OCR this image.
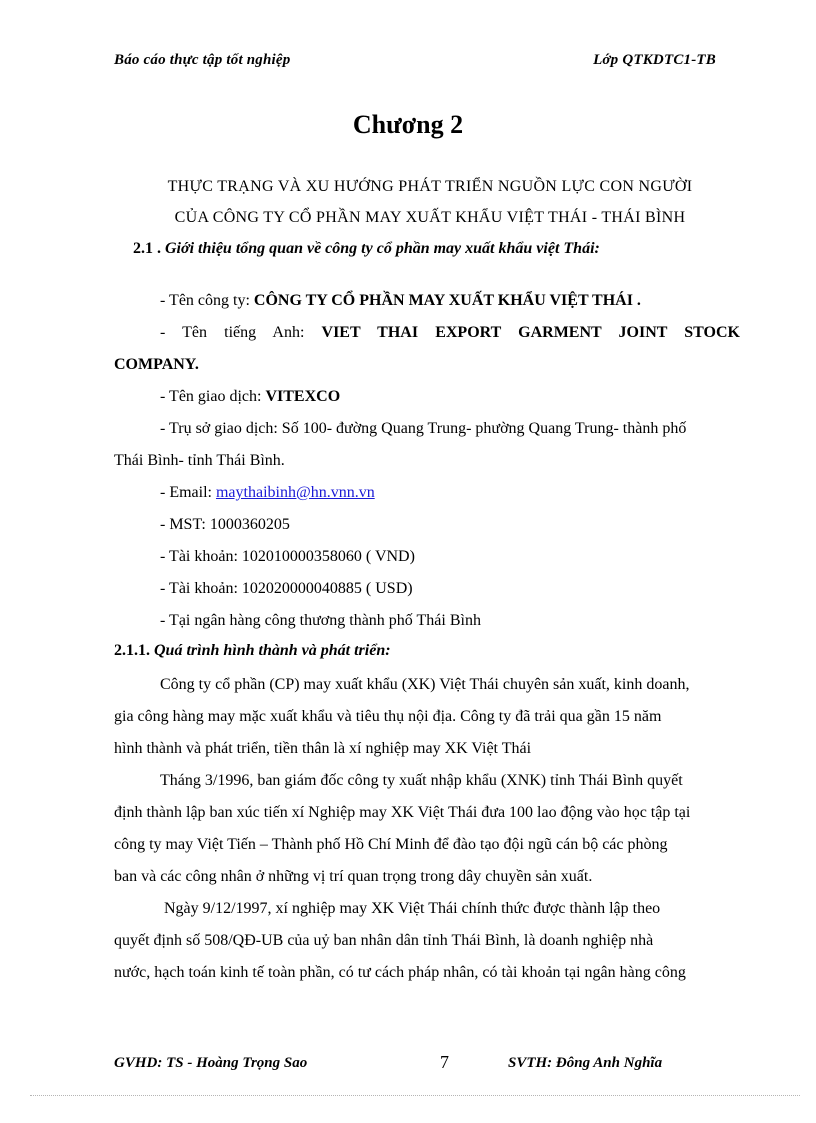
Báo cáo thực tập tốt nghiệp	Lớp QTKDTC1-TB
Chương 2
THỰC TRẠNG VÀ XU HƯỚNG PHÁT TRIỂN NGUỒN LỰC CON NGƯỜI
CỦA CÔNG TY CỔ PHẦN MAY XUẤT KHẨU VIỆT THÁI - THÁI BÌNH
2.1 . Giới thiệu tổng quan về công ty cổ phần may xuất khẩu việt Thái:
- Tên công ty: CÔNG TY CỔ PHẦN MAY XUẤT KHẨU VIỆT THÁI .
- Tên tiếng Anh: VIET THAI EXPORT GARMENT JOINT STOCK
COMPANY.
- Tên giao dịch: VITEXCO
- Trụ sở giao dịch: Số 100- đường Quang Trung- phường Quang Trung- thành phố
Thái Bình- tỉnh Thái Bình.
- Email: maythaibinh@hn.vnn.vn
- MST: 1000360205
- Tài khoản: 102010000358060 ( VND)
- Tài khoản: 102020000040885 ( USD)
- Tại ngân hàng công thương thành phố Thái Bình
2.1.1. Quá trình hình thành và phát triển:
Công ty cổ phần (CP) may xuất khẩu (XK) Việt Thái chuyên sản xuất, kinh doanh,
gia công hàng may mặc xuất khẩu và tiêu thụ nội địa. Công ty đã trải qua gần 15 năm
hình thành và phát triển, tiền thân là xí nghiệp may XK Việt Thái
Tháng 3/1996, ban giám đốc công ty xuất nhập khẩu (XNK) tỉnh Thái Bình quyết
định thành lập ban xúc tiến xí Nghiệp may XK Việt Thái đưa 100 lao động vào học tập tại
công ty may Việt Tiến – Thành phố Hồ Chí Minh để đào tạo đội ngũ cán bộ các phòng
ban và các công nhân ở những vị trí quan trọng trong dây chuyền sản xuất.
Ngày 9/12/1997, xí nghiệp may XK Việt Thái chính thức được thành lập theo
quyết định số 508/QĐ-UB của uỷ ban nhân dân tỉnh Thái Bình, là doanh nghiệp nhà
nước, hạch toán kinh tế toàn phần, có tư cách pháp nhân, có tài khoản tại ngân hàng công
GVHD: TS - Hoàng Trọng Sao	7	SVTH: Đông Anh Nghĩa
